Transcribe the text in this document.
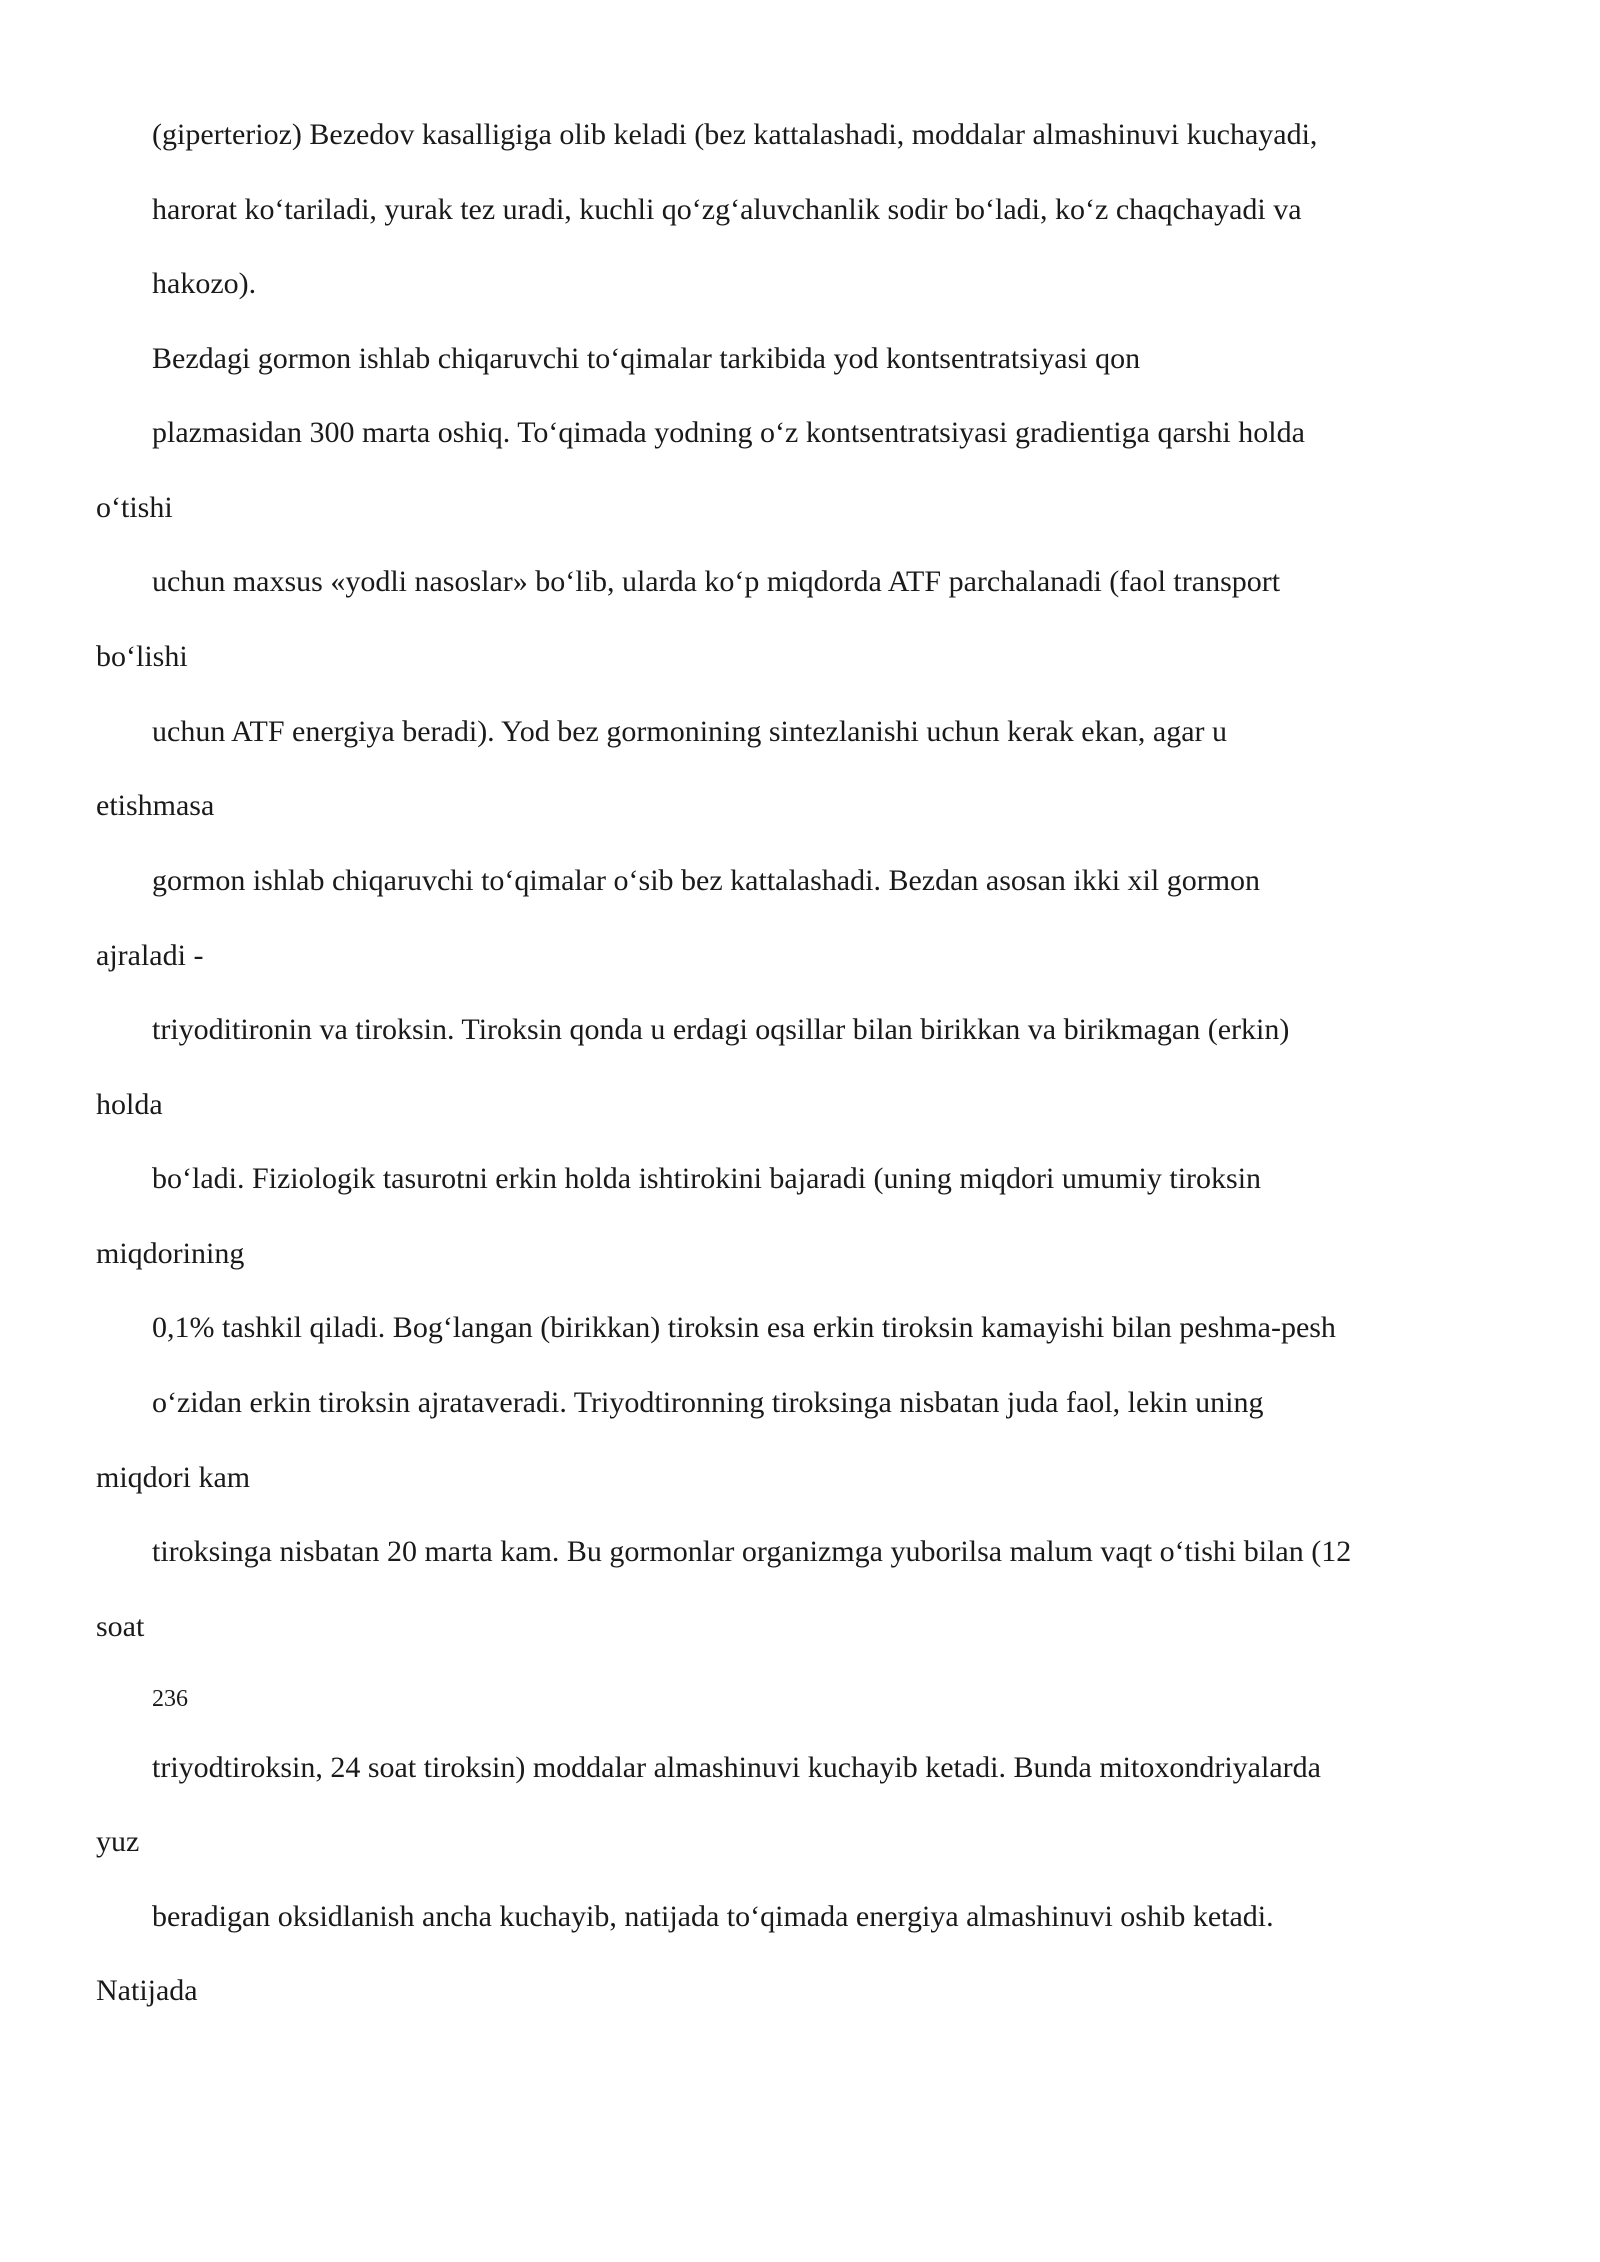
(giperterioz) Bezedov kasalligiga olib keladi (bez kattalashadi, moddalar almashinuvi kuchayadi,
harorat ko‘tariladi, yurak tez uradi, kuchli qo‘zg‘aluvchanlik sodir bo‘ladi, ko‘z chaqchayadi va
hakozo).
Bezdagi gormon ishlab chiqaruvchi to‘qimalar tarkibida yod kontsentratsiyasi qon
plazmasidan 300 marta oshiq. To‘qimada yodning o‘z kontsentratsiyasi gradientiga qarshi holda
o‘tishi
uchun maxsus «yodli nasoslar» bo‘lib, ularda ko‘p miqdorda ATF parchalanadi (faol transport
bo‘lishi
uchun ATF energiya beradi). Yod bez gormonining sintezlanishi uchun kerak ekan, agar u
etishmasa
gormon ishlab chiqaruvchi to‘qimalar o‘sib bez kattalashadi. Bezdan asosan ikki xil gormon
ajraladi -
triyoditironin va tiroksin. Tiroksin qonda u erdagi oqsillar bilan birikkan va birikmagan (erkin)
holda
bo‘ladi. Fiziologik tasurotni erkin holda ishtirokini bajaradi (uning miqdori umumiy tiroksin
miqdorining
0,1% tashkil qiladi. Bog‘langan (birikkan) tiroksin esa erkin tiroksin kamayishi bilan peshma-pesh
o‘zidan erkin tiroksin ajrataveradi. Triyodtironning tiroksinga nisbatan juda faol, lekin uning
miqdori kam
tiroksinga nisbatan 20 marta kam. Bu gormonlar organizmga yuborilsa malum vaqt o‘tishi bilan (12
soat
236
triyodtiroksin, 24 soat tiroksin) moddalar almashinuvi kuchayib ketadi. Bunda mitoxondriyalarda
yuz
beradigan oksidlanish ancha kuchayib, natijada to‘qimada energiya almashinuvi oshib ketadi.
Natijada
